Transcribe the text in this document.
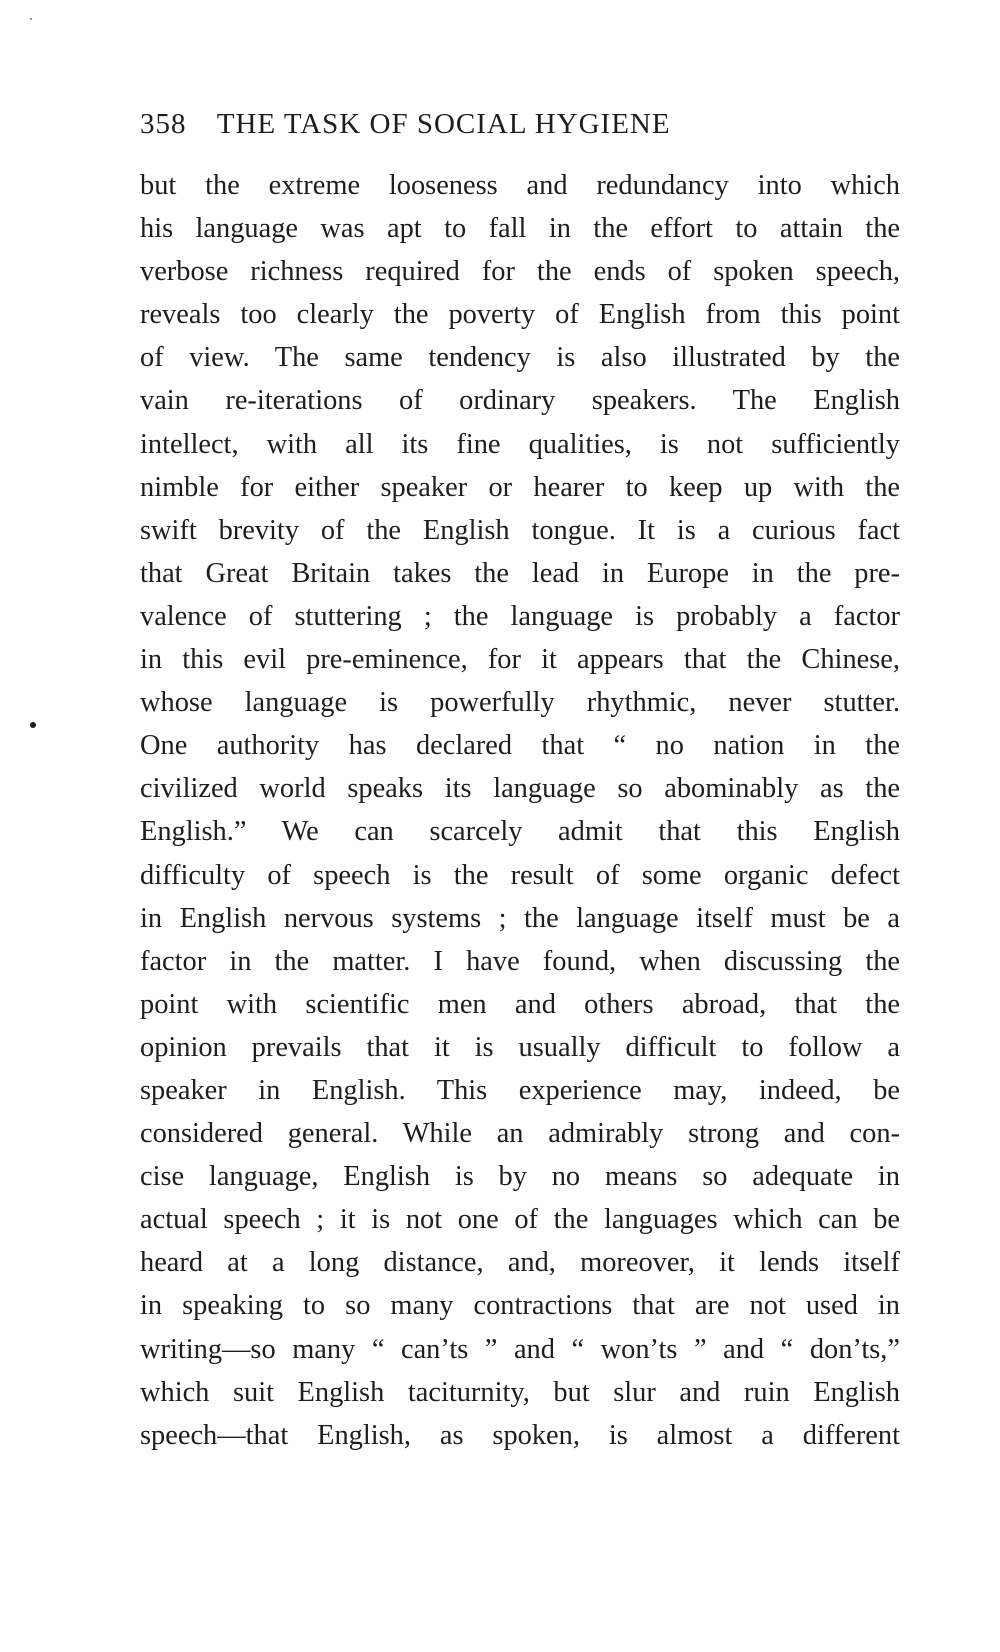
358 THE TASK OF SOCIAL HYGIENE
but the extreme looseness and redundancy into which
his language was apt to fall in the effort to attain the
verbose richness required for the ends of spoken speech,
reveals too clearly the poverty of English from this point
of view. The same tendency is also illustrated by the
vain re-iterations of ordinary speakers. The English
intellect, with all its fine qualities, is not sufficiently
nimble for either speaker or hearer to keep up with the
swift brevity of the English tongue. It is a curious fact
that Great Britain takes the lead in Europe in the pre-
valence of stuttering ; the language is probably a factor
in this evil pre-eminence, for it appears that the Chinese,
whose language is powerfully rhythmic, never stutter.
One authority has declared that “ no nation in the
civilized world speaks its language so abominably as the
English.” We can scarcely admit that this English
difficulty of speech is the result of some organic defect
in English nervous systems ; the language itself must be a
factor in the matter. I have found, when discussing the
point with scientific men and others abroad, that the
opinion prevails that it is usually difficult to follow a
speaker in English. This experience may, indeed, be
considered general. While an admirably strong and con-
cise language, English is by no means so adequate in
actual speech ; it is not one of the languages which can be
heard at a long distance, and, moreover, it lends itself
in speaking to so many contractions that are not used in
writing—so many “ can’ts ” and “ won’ts ” and “ don’ts,”
which suit English taciturnity, but slur and ruin English
speech—that English, as spoken, is almost a different
